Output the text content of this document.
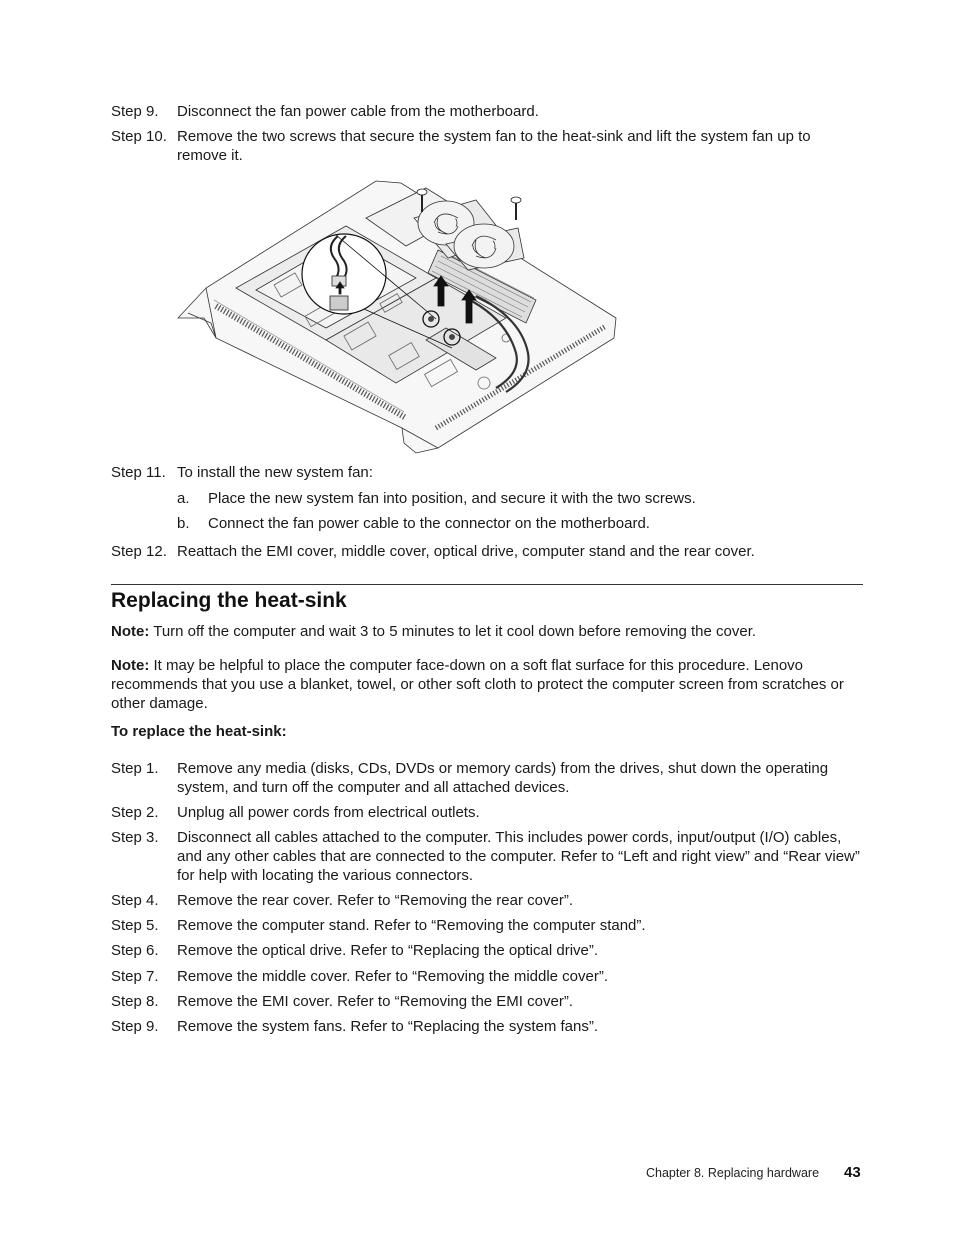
Step 9. Disconnect the fan power cable from the motherboard.
Step 10. Remove the two screws that secure the system fan to the heat-sink and lift the system fan up to remove it.
Step 11. To install the new system fan:
a. Place the new system fan into position, and secure it with the two screws.
b. Connect the fan power cable to the connector on the motherboard.
Step 12. Reattach the EMI cover, middle cover, optical drive, computer stand and the rear cover.
Replacing the heat-sink
Note: Turn off the computer and wait 3 to 5 minutes to let it cool down before removing the cover.
Note: It may be helpful to place the computer face-down on a soft flat surface for this procedure. Lenovo recommends that you use a blanket, towel, or other soft cloth to protect the computer screen from scratches or other damage.
To replace the heat-sink:
Step 1. Remove any media (disks, CDs, DVDs or memory cards) from the drives, shut down the operating system, and turn off the computer and all attached devices.
Step 2. Unplug all power cords from electrical outlets.
Step 3. Disconnect all cables attached to the computer. This includes power cords, input/output (I/O) cables, and any other cables that are connected to the computer. Refer to “Left and right view” and “Rear view” for help with locating the various connectors.
Step 4. Remove the rear cover. Refer to “Removing the rear cover”.
Step 5. Remove the computer stand. Refer to “Removing the computer stand”.
Step 6. Remove the optical drive. Refer to “Replacing the optical drive”.
Step 7. Remove the middle cover. Refer to “Removing the middle cover”.
Step 8. Remove the EMI cover. Refer to “Removing the EMI cover”.
Step 9. Remove the system fans. Refer to “Replacing the system fans”.
Chapter 8. Replacing hardware 43
